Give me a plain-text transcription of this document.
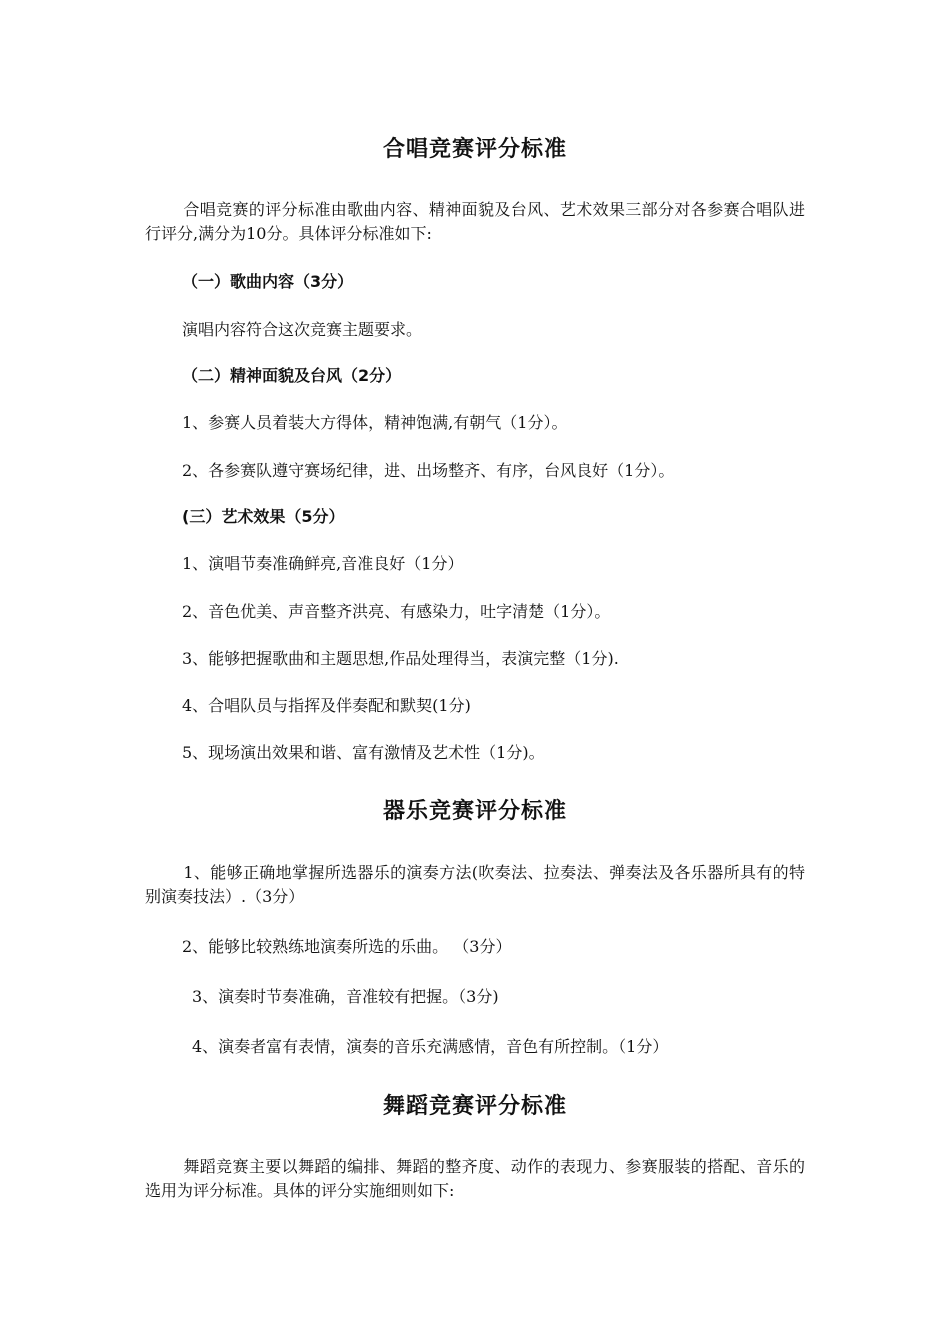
合唱竞赛评分标准
合唱竞赛的评分标准由歌曲内容、精神面貌及台风、艺术效果三部分对各参赛合唱队进行评分,满分为10分。具体评分标准如下:
（一）歌曲内容（3分）
演唱内容符合这次竞赛主题要求。
（二）精神面貌及台风（2分）
1、参赛人员着装大方得体，精神饱满,有朝气（1分）。
2、各参赛队遵守赛场纪律，进、出场整齐、有序，台风良好（1分）。
(三）艺术效果（5分）
1、演唱节奏准确鲜亮,音准良好（1分）
2、音色优美、声音整齐洪亮、有感染力，吐字清楚（1分）。
3、能够把握歌曲和主题思想,作品处理得当，表演完整（1分).
4、合唱队员与指挥及伴奏配和默契(1分)
5、现场演出效果和谐、富有激情及艺术性（1分)。
器乐竞赛评分标准
1、能够正确地掌握所选器乐的演奏方法(吹奏法、拉奏法、弹奏法及各乐器所具有的特别演奏技法）.（3分）
2、能够比较熟练地演奏所选的乐曲。 （3分）
3、演奏时节奏准确，音准较有把握。（3分)
4、演奏者富有表情，演奏的音乐充满感情，音色有所控制。（1分）
舞蹈竞赛评分标准
舞蹈竞赛主要以舞蹈的编排、舞蹈的整齐度、动作的表现力、参赛服装的搭配、音乐的选用为评分标准。具体的评分实施细则如下:
